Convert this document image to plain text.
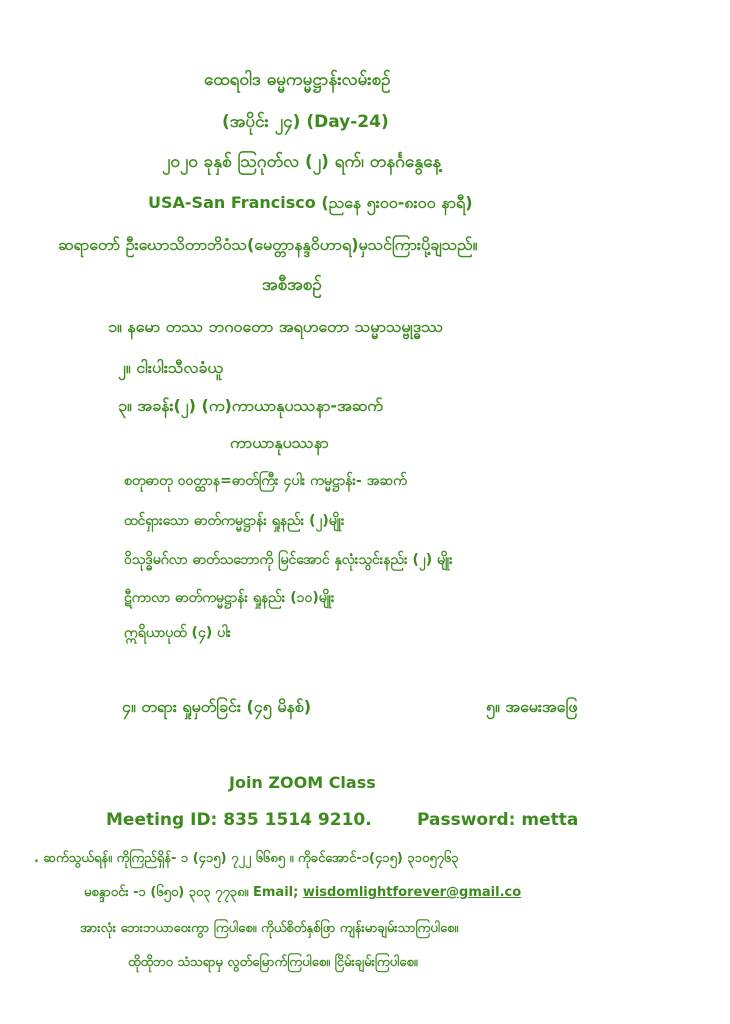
ထေရဝါဒ ဓမ္မကမ္မဋ္ဌာန်းလမ်းစဉ်
(အပိုင်း ၂၄) (Day-24)
၂၀၂၀ ခုနှစ် ဩဂုတ်လ (၂) ရက်၊ တနင်္ဂနွေနေ့
USA-San Francisco (ညနေ ၅း၀၀-၈း၀၀ နာရီ)
ဆရာတော် ဦးဃောသိတာဘိဝံသ(မေတ္တာနန္ဒဝိဟာရ)မှသင်ကြားပို့ချသည်။
အစီအစဉ်
၁။ နမော တဿ ဘဂဝတော အရဟတော သမ္မာသမ္ဗုဒ္ဓဿ
၂။ ငါးပါးသီလခံယူ
၃။ အခန်း(၂) (က)ကာယာနုပဿနာ-အဆက်
ကာယာနုပဿနာ
စတုဓာတု ဝဝတ္ထာန=ဓာတ်ကြီး ၄ပါး ကမ္မဋ္ဌာန်း- အဆက်
ထင်ရှားသော ဓာတ်ကမ္မဋ္ဌာန်း ရှုနည်း (၂)မျိုး
ဝိသုဒ္ဓိမဂ်လာ ဓာတ်သဘောကို မြင်အောင် နှလုံးသွင်းနည်း (၂) မျိုး
ဋီကာလာ ဓာတ်ကမ္မဋ္ဌာန်း ရှုနည်း (၁၀)မျိုး
ဣရိယာပုထ် (၄) ပါး
၄။ တရား ရှုမှတ်ခြင်း (၄၅ မိနစ်)	၅။ အမေးအဖြေ
Join ZOOM Class
Meeting ID: 835 1514 9210.	Password: metta
. ဆက်သွယ်ရန်။ ကိုကြည်ရှိန်- ၁ (၄၁၅) ၇၂၂ ၆၆၈၅ ။ ကိုခင်အောင်-၁(၄၁၅) ၃၁၀၅၇၆၃
မစန္ဒာဝင်း -၁ (၆၅၀) ၃၀၃ ၇၇၃၈။ Email; wisdomlightforever@gmail.co
အားလုံး ဘေးဘယာဝေးကွာ ကြပါစေ။ ကိုယ်စိတ်နှစ်ဖြာ ကျန်းမာချမ်းသာကြပါစေ။
ထိုထိုဘဝ သံသရာမှ လွတ်မြောက်ကြပါစေ။ ငြိမ်းချမ်းကြပါစေ။
